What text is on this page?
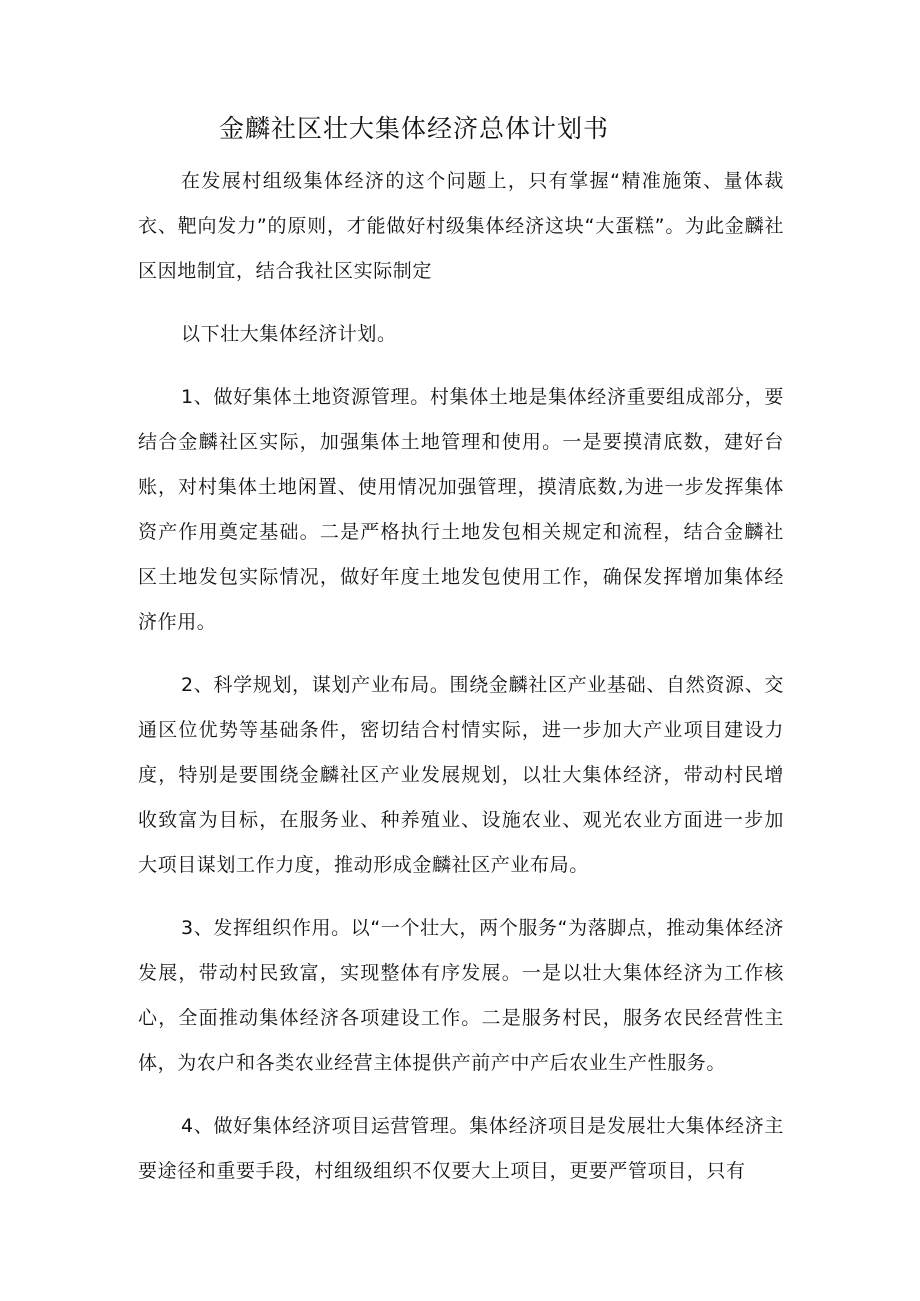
金麟社区壮大集体经济总体计划书

在发展村组级集体经济的这个问题上，只有掌握“精准施策、量体裁衣、靶向发力”的原则，才能做好村级集体经济这块“大蛋糕”。为此金麟社区因地制宜，结合我社区实际制定

以下壮大集体经济计划。

1、做好集体土地资源管理。村集体土地是集体经济重要组成部分，要结合金麟社区实际，加强集体土地管理和使用。一是要摸清底数，建好台账，对村集体土地闲置、使用情况加强管理，摸清底数,为进一步发挥集体资产作用奠定基础。二是严格执行土地发包相关规定和流程，结合金麟社区土地发包实际情况，做好年度土地发包使用工作，确保发挥增加集体经济作用。

2、科学规划，谋划产业布局。围绕金麟社区产业基础、自然资源、交通区位优势等基础条件，密切结合村情实际，进一步加大产业项目建设力度，特别是要围绕金麟社区产业发展规划，以壮大集体经济，带动村民增收致富为目标，在服务业、种养殖业、设施农业、观光农业方面进一步加大项目谋划工作力度，推动形成金麟社区产业布局。

3、发挥组织作用。以“一个壮大，两个服务“为落脚点，推动集体经济发展，带动村民致富，实现整体有序发展。一是以壮大集体经济为工作核心，全面推动集体经济各项建设工作。二是服务村民，服务农民经营性主体，为农户和各类农业经营主体提供产前产中产后农业生产性服务。

4、做好集体经济项目运营管理。集体经济项目是发展壮大集体经济主要途径和重要手段，村组级组织不仅要大上项目，更要严管项目，只有
